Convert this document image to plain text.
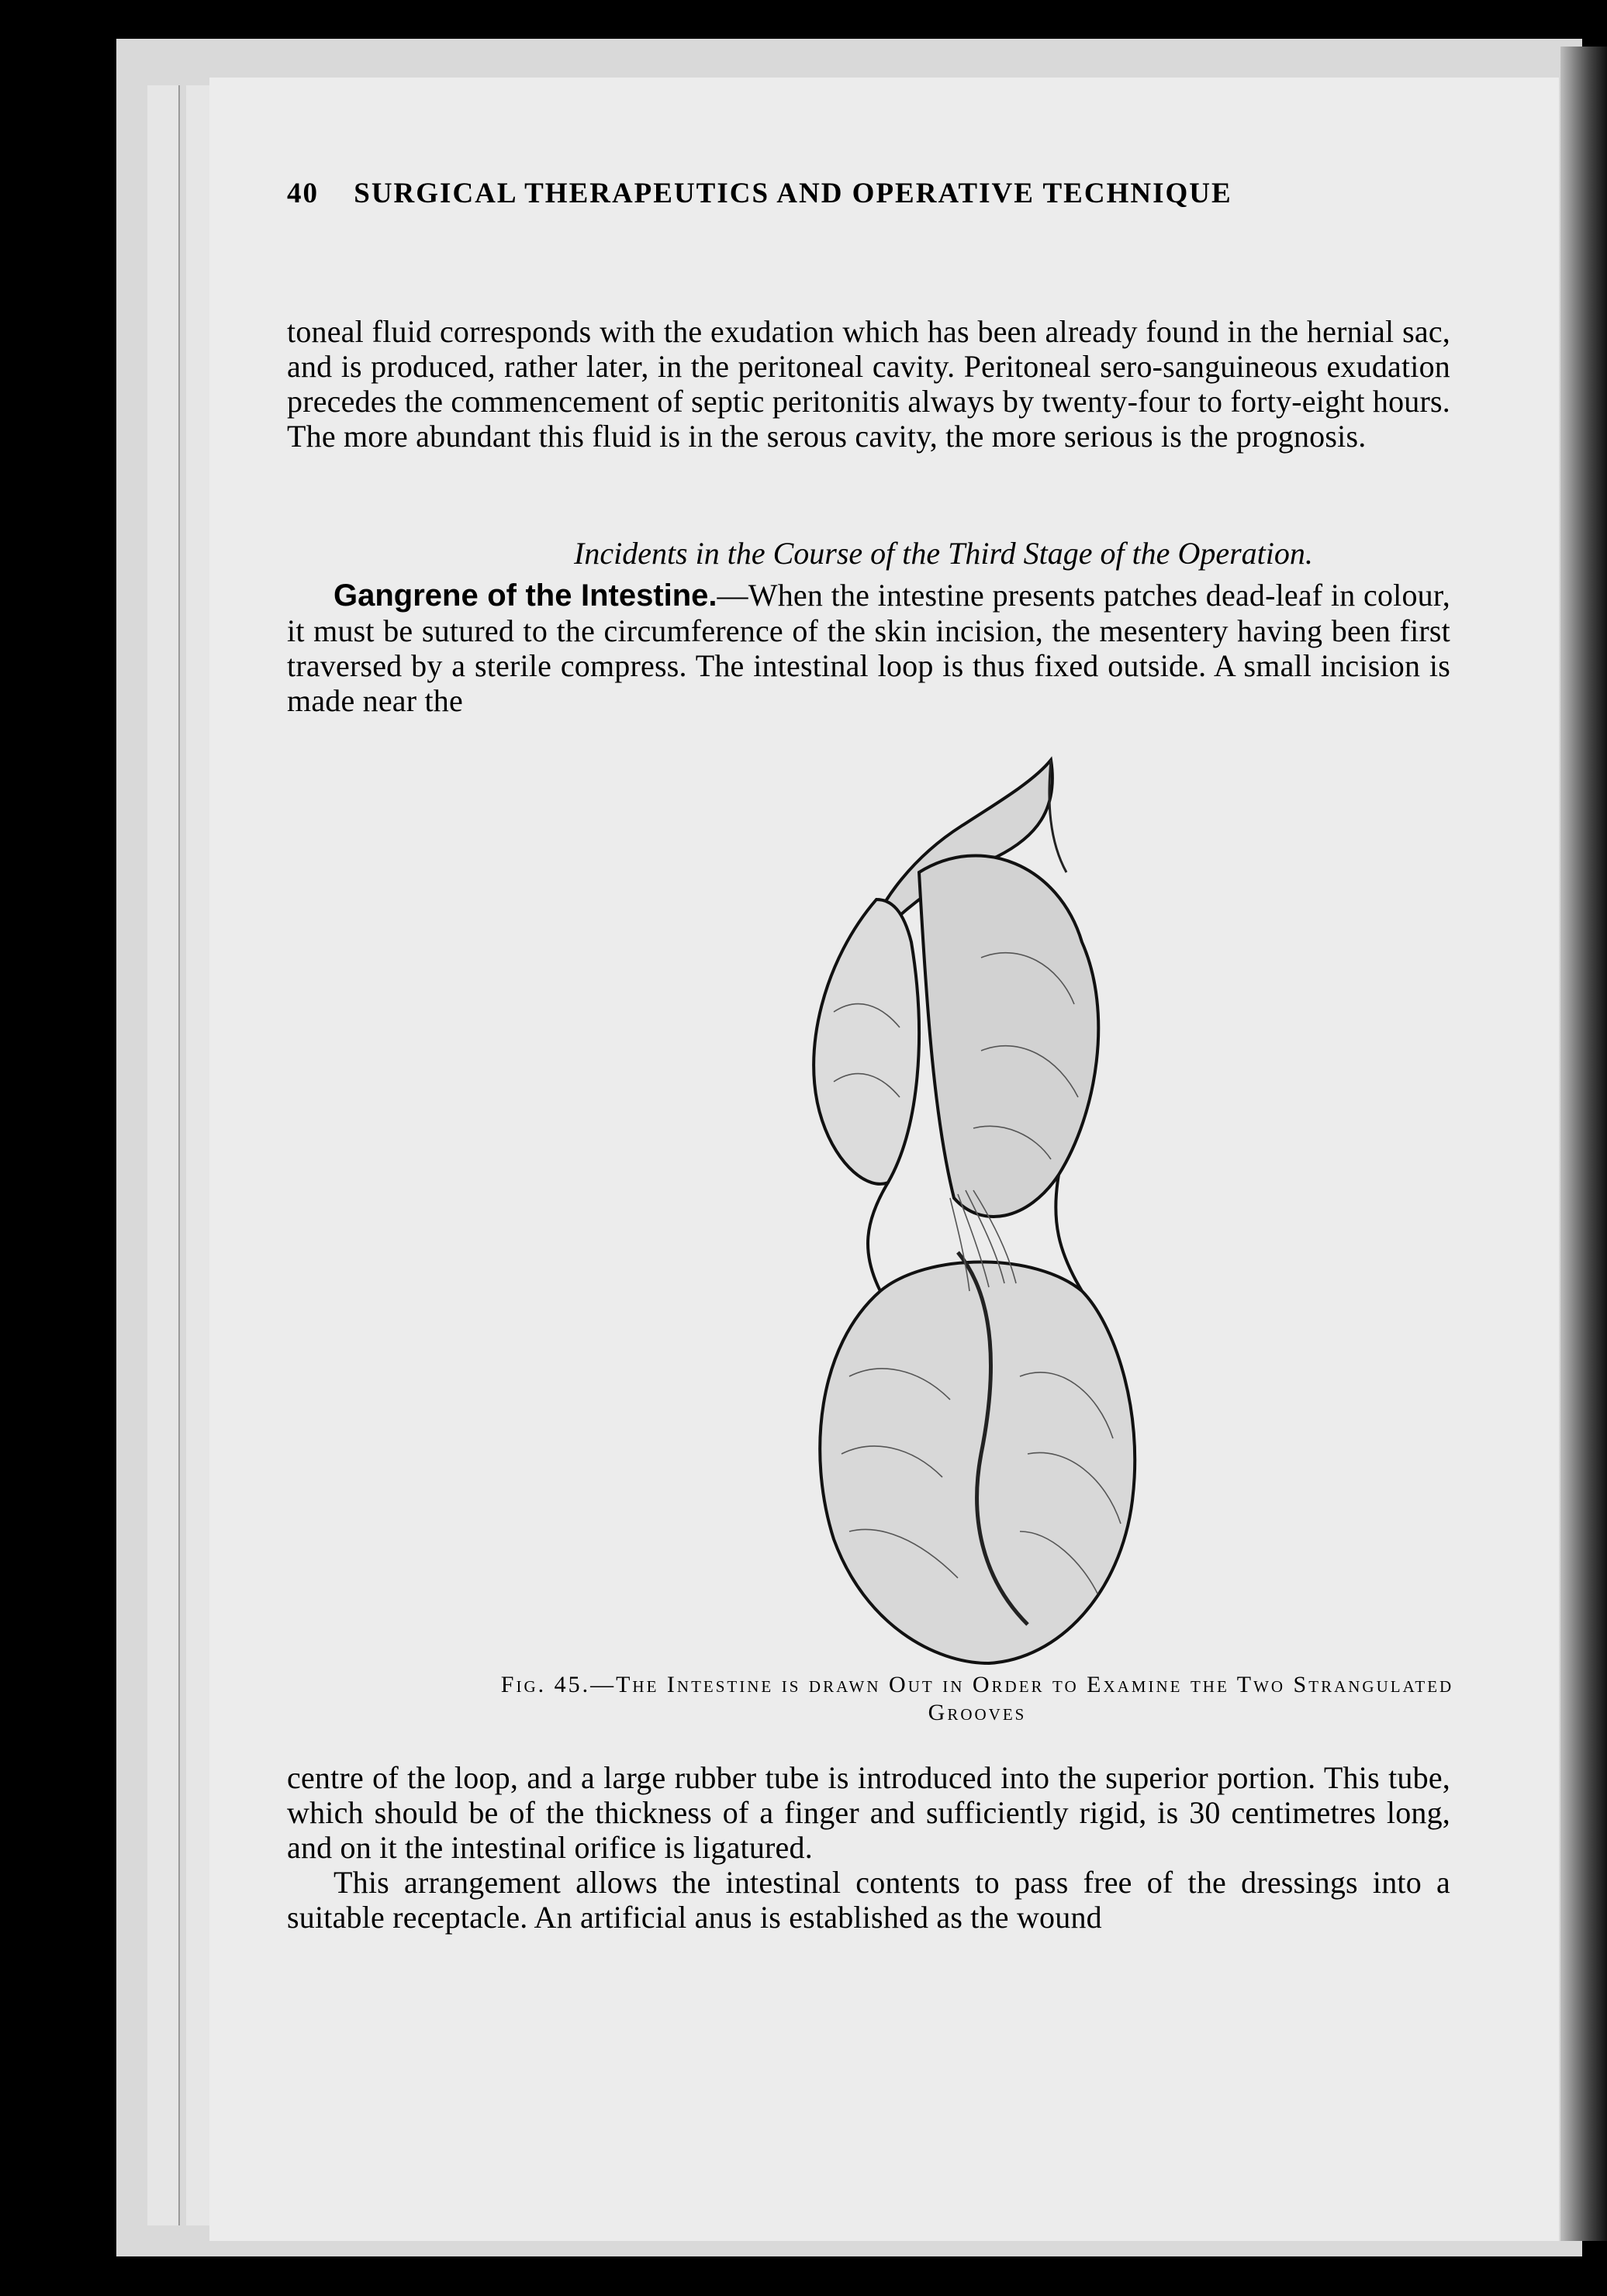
40 SURGICAL THERAPEUTICS AND OPERATIVE TECHNIQUE

toneal fluid corresponds with the exudation which has been already found in the hernial sac, and is produced, rather later, in the peritoneal cavity. Peritoneal sero-sanguineous exudation precedes the commencement of septic peritonitis always by twenty-four to forty-eight hours. The more abundant this fluid is in the serous cavity, the more serious is the prognosis.

Incidents in the Course of the Third Stage of the Operation.

Gangrene of the Intestine.—When the intestine presents patches dead-leaf in colour, it must be sutured to the circumference of the skin incision, the mesentery having been first traversed by a sterile compress. The intestinal loop is thus fixed outside. A small incision is made near the

Fig. 45.—The Intestine is drawn Out in Order to Examine the Two Strangulated Grooves

centre of the loop, and a large rubber tube is introduced into the superior portion. This tube, which should be of the thickness of a finger and sufficiently rigid, is 30 centimetres long, and on it the intestinal orifice is ligatured.

This arrangement allows the intestinal contents to pass free of the dressings into a suitable receptacle. An artificial anus is established as the wound
